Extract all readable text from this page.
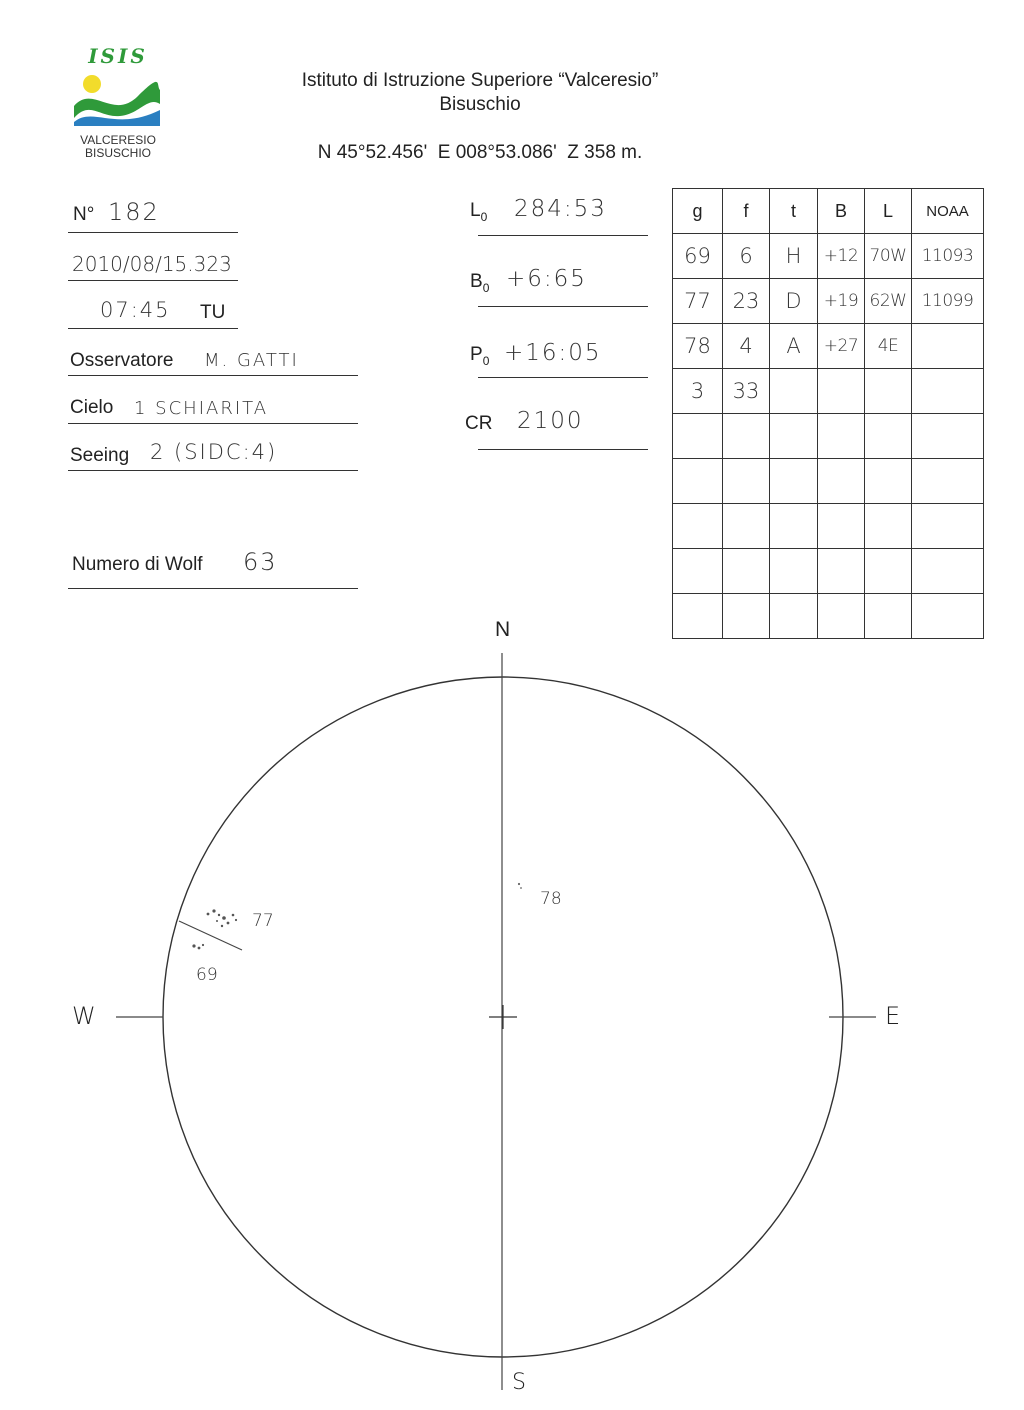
ISIS
VALCERESIO
BISUSCHIO
Istituto di Istruzione Superiore “Valceresio”
Bisuschio
N 45°52.456'  E 008°53.086'  Z 358 m.
N° 182
2010/08/15.323
07:45 TU
Osservatore M. GATTI
Cielo 1 SCHIARITA
Seeing 2 (SIDC:4)
Numero di Wolf 63
$L_0$ 284:53
$B_0$ +6:65
$P_0$ +16:05
CR 2100
g	f	t	B	L	NOAA
69	6	H	+12	70W	11093
77	23	D	+19	62W	11099
78	4	A	+27	4E	
3	33				

N
S
E
W
77
69
78
